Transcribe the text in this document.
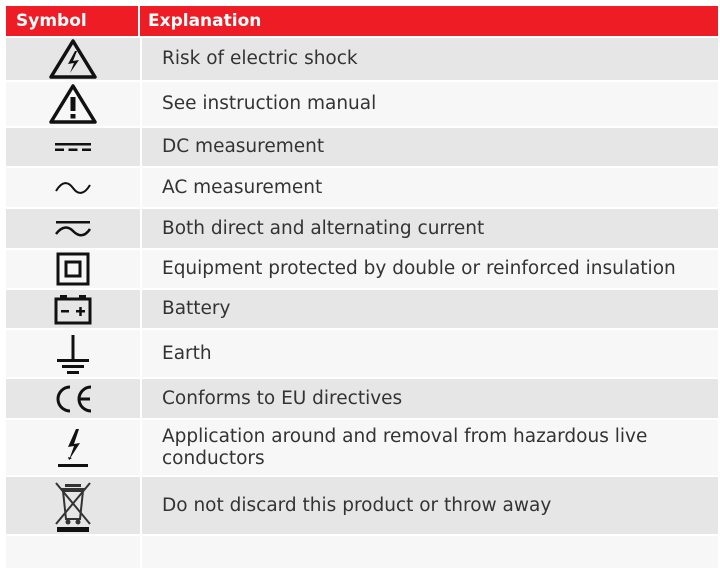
Symbol	Explanation
Risk of electric shock
See instruction manual
DC measurement
AC measurement
Both direct and alternating current
Equipment protected by double or reinforced insulation
Battery
Earth
Conforms to EU directives
Application around and removal from hazardous live conductors
Do not discard this product or throw away
